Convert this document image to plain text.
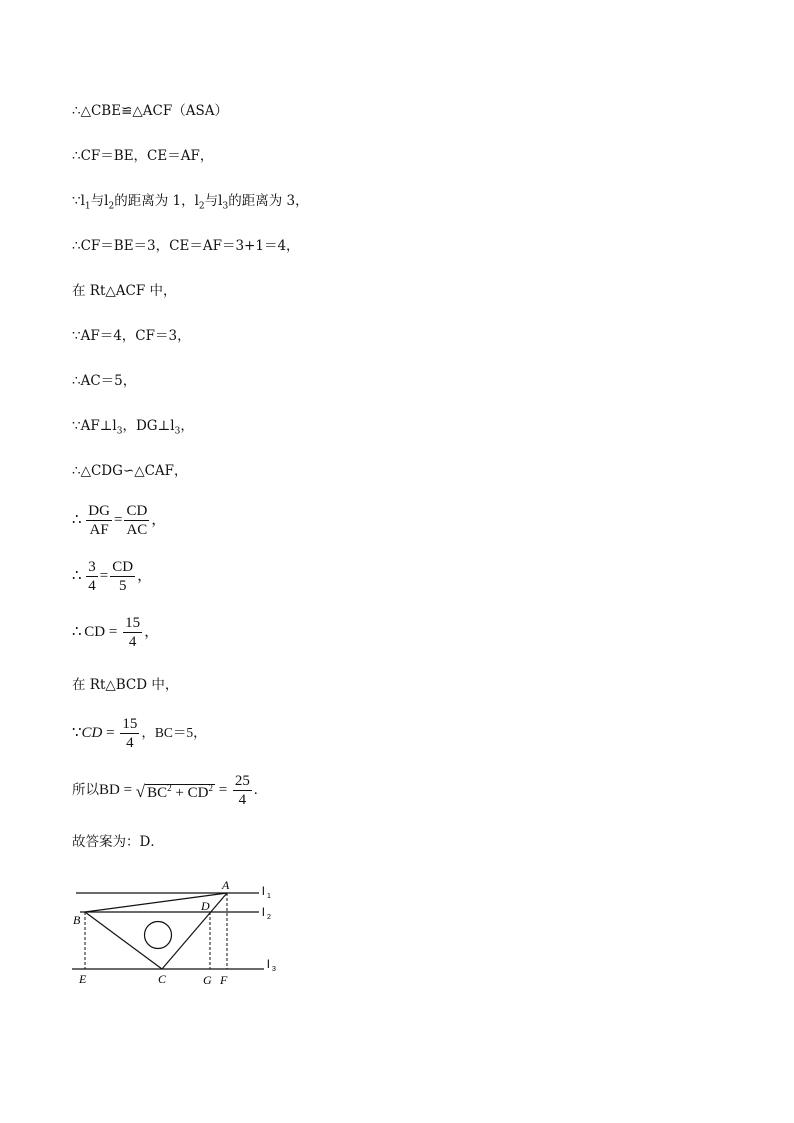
∴△CBE≌△ACF（ASA）
∴CF＝BE，CE＝AF，
$\because l_1$与$l_2$的距离为 1，$l_2$与$l_3$的距离为 3，
∴CF＝BE＝3，CE＝AF＝3+1＝4，
在 Rt△ACF 中，
∵AF＝4，CF＝3，
∴AC＝5，
$\because AF\perp l_3$，$DG\perp l_3$，
∴△CDG∽△CAF，
∴ $\frac{DG}{AF} = \frac{CD}{AC}$ ，
∴ $\frac{3}{4} = \frac{CD}{5}$ ，
∴ CD = $\frac{15}{4}$ ，
在 Rt△BCD 中，
∵CD = $\frac{15}{4}$ ，BC＝5，
所以BD = √ $BC^2 + CD^2 = \frac{25}{4}$ .
故答案为：D．
A
B
D
C
E	G F
l 1
l 2
l 3
